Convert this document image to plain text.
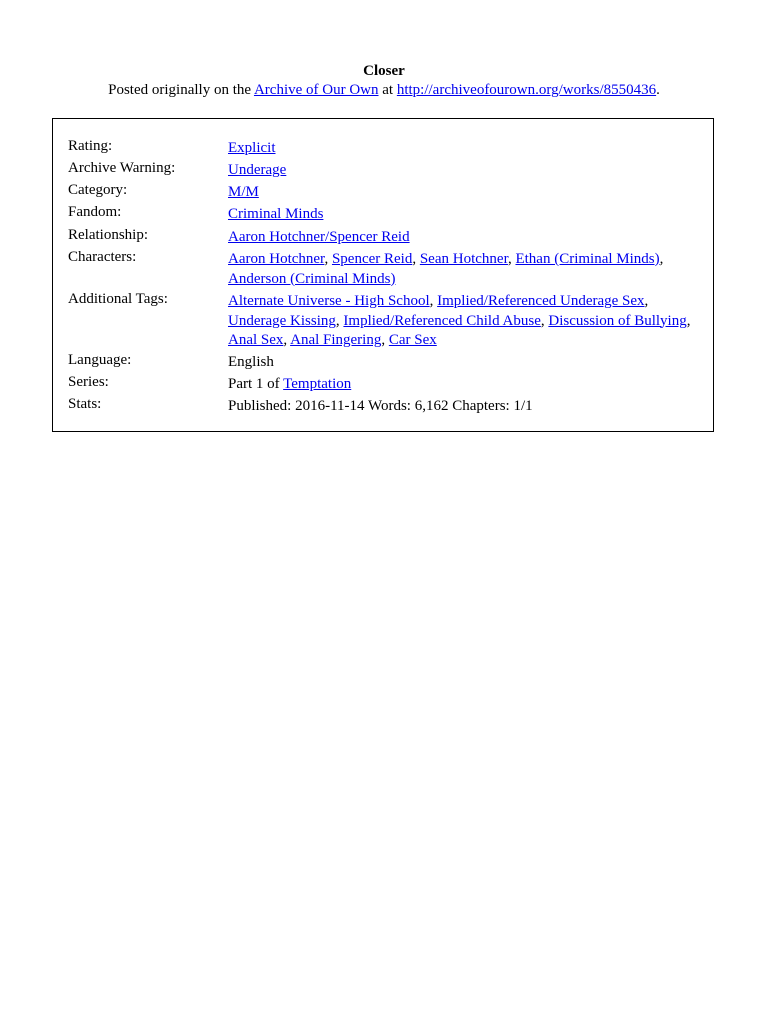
Closer
Posted originally on the Archive of Our Own at http://archiveofourown.org/works/8550436.
Rating:	Explicit
Archive Warning:	Underage
Category:	M/M
Fandom:	Criminal Minds
Relationship:	Aaron Hotchner/Spencer Reid
Characters:	Aaron Hotchner, Spencer Reid, Sean Hotchner, Ethan (Criminal Minds), Anderson (Criminal Minds)
Additional Tags:	Alternate Universe - High School, Implied/Referenced Underage Sex, Underage Kissing, Implied/Referenced Child Abuse, Discussion of Bullying, Anal Sex, Anal Fingering, Car Sex
Language:	English
Series:	Part 1 of Temptation
Stats:	Published: 2016-11-14 Words: 6,162 Chapters: 1/1
